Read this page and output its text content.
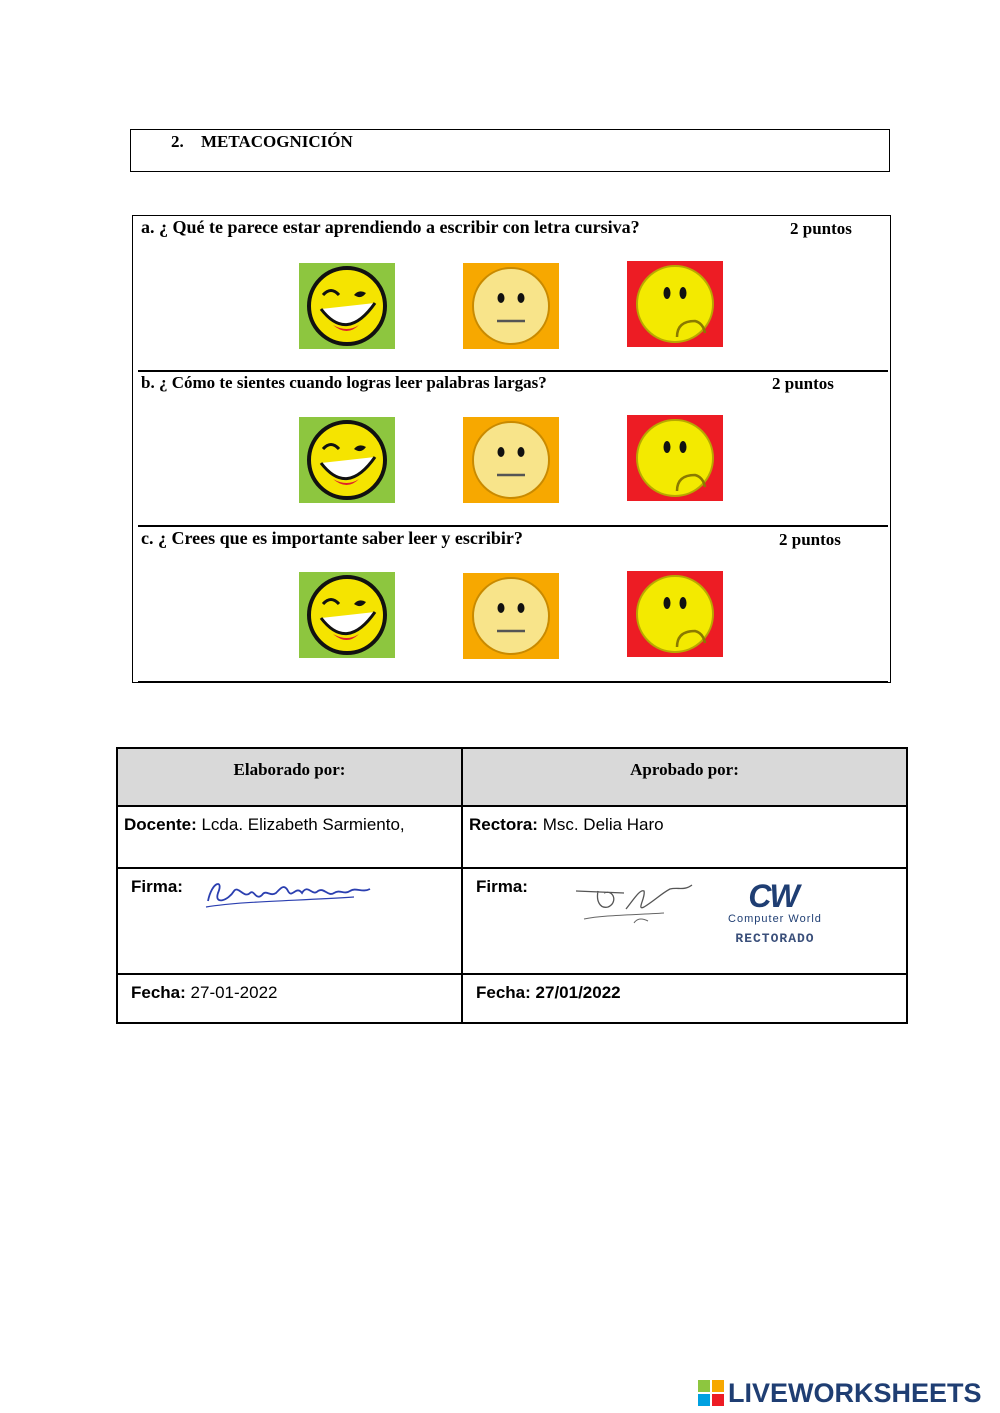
2. METACOGNICIÓN
a. ¿ Qué te parece estar aprendiendo a escribir con letra cursiva?	2 puntos
b. ¿ Cómo te sientes cuando logras leer palabras largas?	2 puntos
c. ¿ Crees que es importante saber leer y escribir?	2 puntos
Elaborado por:	Aprobado por:
Docente: Lcda. Elizabeth Sarmiento,	Rectora: Msc. Delia Haro
Firma:	Firma:	CW
Computer World
RECTORADO
Fecha: 27-01-2022	Fecha: 27/01/2022
LIVEWORKSHEETS
